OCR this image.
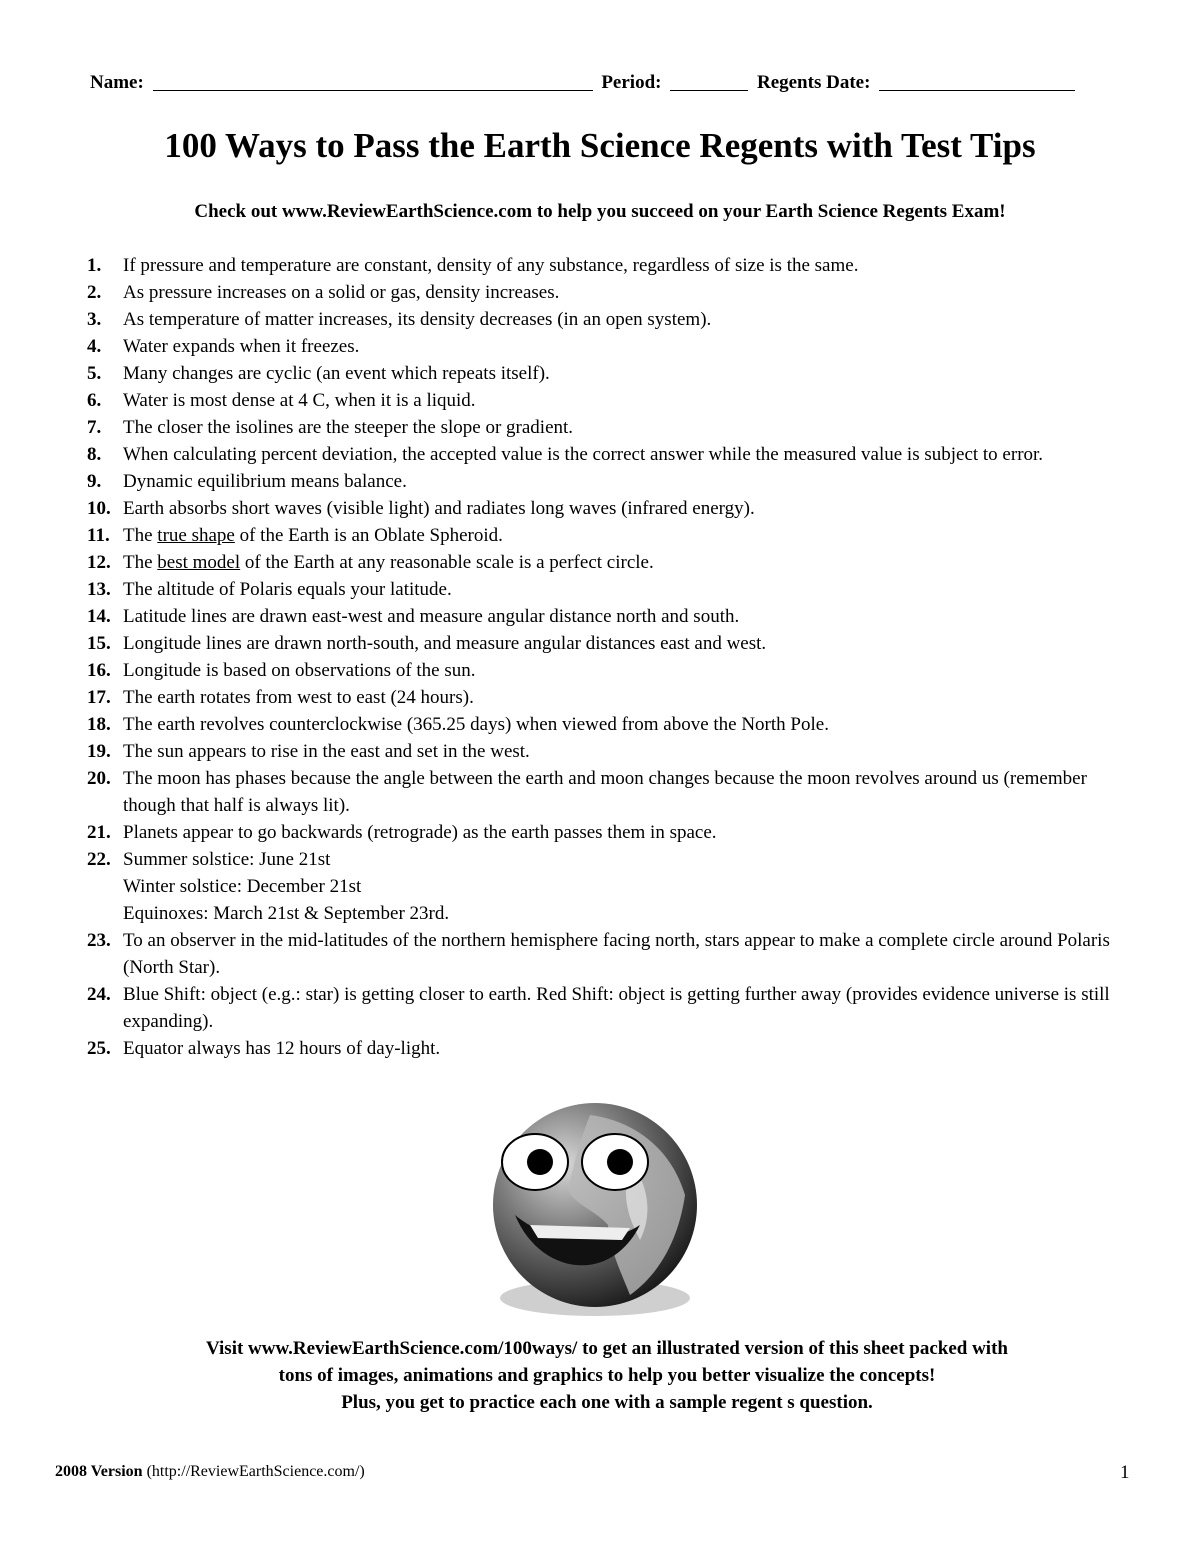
Name:	Period:	Regents Date:
100 Ways to Pass the Earth Science Regents with Test Tips
Check out www.ReviewEarthScience.com to help you succeed on your Earth Science Regents Exam!
1.	If pressure and temperature are constant, density of any substance, regardless of size is the same.
2.	As pressure increases on a solid or gas, density increases.
3.	As temperature of matter increases, its density decreases (in an open system).
4.	Water expands when it freezes.
5.	Many changes are cyclic (an event which repeats itself).
6.	Water is most dense at 4 C, when it is a liquid.
7.	The closer the isolines are the steeper the slope or gradient.
8.	When calculating percent deviation, the accepted value is the correct answer while the measured value is subject to error.
9.	Dynamic equilibrium means balance.
10. Earth absorbs short waves (visible light) and radiates long waves (infrared energy).
11. The true shape of the Earth is an Oblate Spheroid.
12. The best model of the Earth at any reasonable scale is a perfect circle.
13. The altitude of Polaris equals your latitude.
14. Latitude lines are drawn east-west and measure angular distance north and south.
15. Longitude lines are drawn north-south, and measure angular distances east and west.
16. Longitude is based on observations of the sun.
17. The earth rotates from west to east (24 hours).
18. The earth revolves counterclockwise (365.25 days) when viewed from above the North Pole.
19. The sun appears to rise in the east and set in the west.
20. The moon has phases because the angle between the earth and moon changes because the moon revolves around us (remember though that half is always lit).
21. Planets appear to go backwards (retrograde) as the earth passes them in space.
22. Summer solstice: June 21st
Winter solstice: December 21st
Equinoxes: March 21st & September 23rd.
23. To an observer in the mid-latitudes of the northern hemisphere facing north, stars appear to make a complete circle around Polaris (North Star).
24. Blue Shift: object (e.g.: star) is getting closer to earth. Red Shift: object is getting further away (provides evidence universe is still expanding).
25. Equator always has 12 hours of day-light.
Visit www.ReviewEarthScience.com/100ways/ to get an illustrated version of this sheet packed with
tons of images, animations and graphics to help you better visualize the concepts!
Plus, you get to practice each one with a sample regent s question.
2008 Version (http://ReviewEarthScience.com/)	1
